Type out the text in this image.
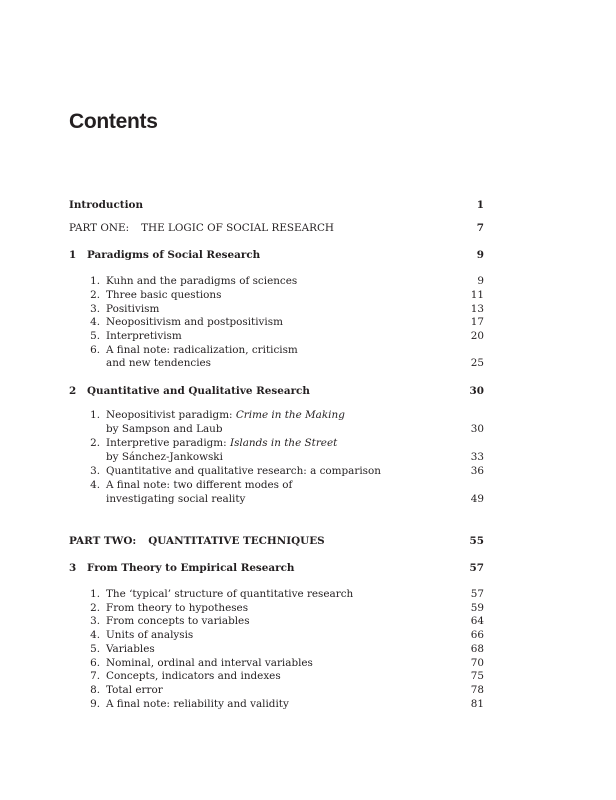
Contents
Introduction	1
PART ONE: THE LOGIC OF SOCIAL RESEARCH	7
1 Paradigms of Social Research	9
1. Kuhn and the paradigms of sciences	9
2. Three basic questions	11
3. Positivism	13
4. Neopositivism and postpositivism	17
5. Interpretivism	20
6. A final note: radicalization, criticism
and new tendencies	25
2 Quantitative and Qualitative Research	30
1. Neopositivist paradigm: Crime in the Making
by Sampson and Laub	30
2. Interpretive paradigm: Islands in the Street
by Sánchez-Jankowski	33
3. Quantitative and qualitative research: a comparison	36
4. A final note: two different modes of
investigating social reality	49
PART TWO: QUANTITATIVE TECHNIQUES	55
3 From Theory to Empirical Research	57
1. The ‘typical’ structure of quantitative research	57
2. From theory to hypotheses	59
3. From concepts to variables	64
4. Units of analysis	66
5. Variables	68
6. Nominal, ordinal and interval variables	70
7. Concepts, indicators and indexes	75
8. Total error	78
9. A final note: reliability and validity	81
